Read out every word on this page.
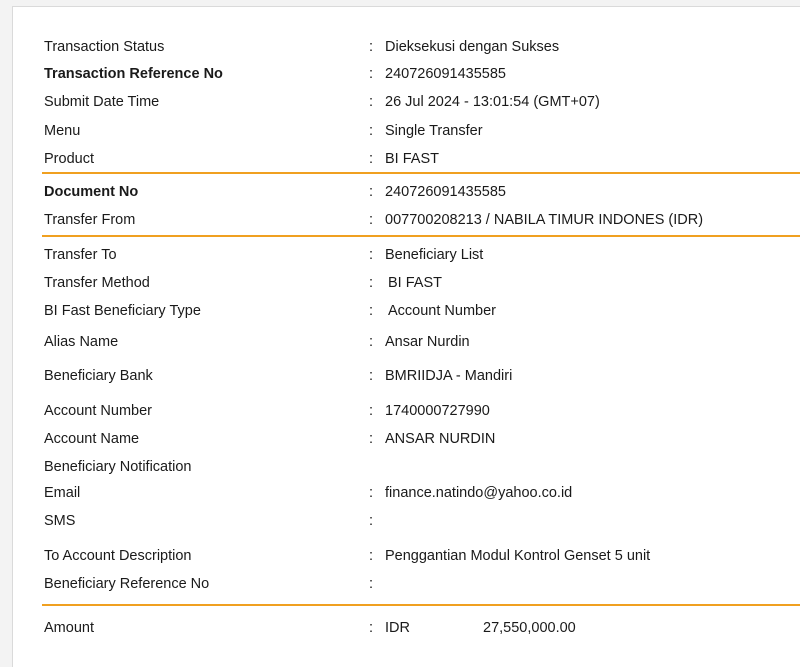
Transaction Status	: Dieksekusi dengan Sukses
Transaction Reference No	: 240726091435585
Submit Date Time	: 26 Jul 2024 - 13:01:54 (GMT+07)
Menu	: Single Transfer
Product	: BI FAST
Document No	: 240726091435585
Transfer From	: 007700208213 / NABILA TIMUR INDONES (IDR)
Transfer To	: Beneficiary List
Transfer Method	: BI FAST
BI Fast Beneficiary Type	: Account Number
Alias Name	: Ansar Nurdin
Beneficiary Bank	: BMRIIDJA - Mandiri
Account Number	: 1740000727990
Account Name	: ANSAR NURDIN
Beneficiary Notification
Email	: finance.natindo@yahoo.co.id
SMS	:
To Account Description	: Penggantian Modul Kontrol Genset 5 unit
Beneficiary Reference No	:
Amount	: IDR	27,550,000.00
